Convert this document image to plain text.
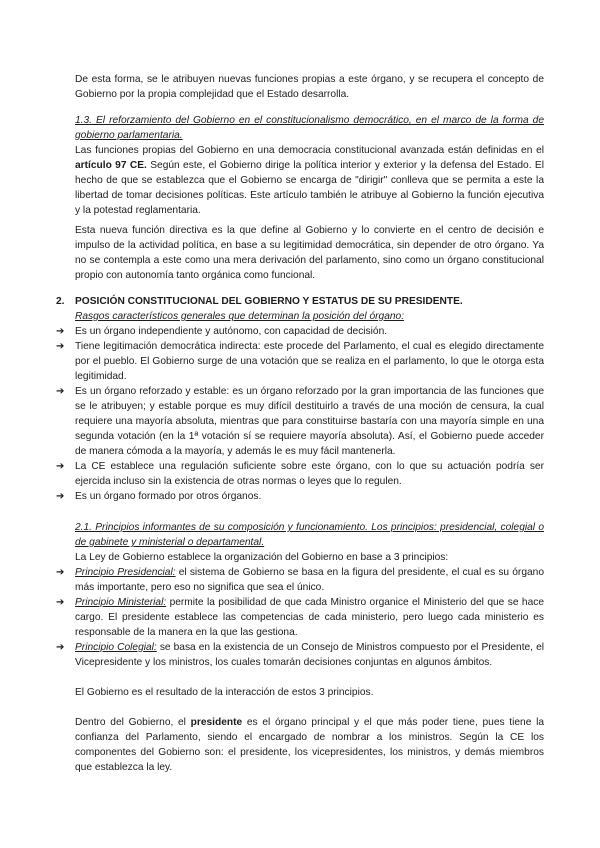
De esta forma, se le atribuyen nuevas funciones propias a este órgano, y se recupera el concepto de Gobierno por la propia complejidad que el Estado desarrolla.

1.3. El reforzamiento del Gobierno en el constitucionalismo democrático, en el marco de la forma de gobierno parlamentaria.

Las funciones propias del Gobierno en una democracia constitucional avanzada están definidas en el artículo 97 CE. Según este, el Gobierno dirige la política interior y exterior y la defensa del Estado. El hecho de que se establezca que el Gobierno se encarga de "dirigir" conlleva que se permita a este la libertad de tomar decisiones políticas. Este artículo también le atribuye al Gobierno la función ejecutiva y la potestad reglamentaria.

Esta nueva función directiva es la que define al Gobierno y lo convierte en el centro de decisión e impulso de la actividad política, en base a su legitimidad democrática, sin depender de otro órgano. Ya no se contempla a este como una mera derivación del parlamento, sino como un órgano constitucional propio con autonomía tanto orgánica como funcional.

2. POSICIÓN CONSTITUCIONAL DEL GOBIERNO Y ESTATUS DE SU PRESIDENTE.
Rasgos característicos generales que determinan la posición del órgano:
➔	Es un órgano independiente y autónomo, con capacidad de decisión.
➔	Tiene legitimación democrática indirecta: este procede del Parlamento, el cual es elegido directamente por el pueblo. El Gobierno surge de una votación que se realiza en el parlamento, lo que le otorga esta legitimidad.
➔	Es un órgano reforzado y estable: es un órgano reforzado por la gran importancia de las funciones que se le atribuyen; y estable porque es muy difícil destituirlo a través de una moción de censura, la cual requiere una mayoría absoluta, mientras que para constituirse bastaría con una mayoría simple en una segunda votación (en la 1ª votación sí se requiere mayoría absoluta). Así, el Gobierno puede acceder de manera cómoda a la mayoría, y además le es muy fácil mantenerla.
➔	La CE establece una regulación suficiente sobre este órgano, con lo que su actuación podría ser ejercida incluso sin la existencia de otras normas o leyes que lo regulen.
➔	Es un órgano formado por otros órganos.

2.1. Principios informantes de su composición y funcionamiento. Los principios: presidencial, colegial o de gabinete y ministerial o departamental.

La Ley de Gobierno establece la organización del Gobierno en base a 3 principios:

➔	Principio Presidencial: el sistema de Gobierno se basa en la figura del presidente, el cual es su órgano más importante, pero eso no significa que sea el único.
➔	Principio Ministerial: permite la posibilidad de que cada Ministro organice el Ministerio del que se hace cargo. El presidente establece las competencias de cada ministerio, pero luego cada ministerio es responsable de la manera en la que las gestiona.
➔	Principio Colegial: se basa en la existencia de un Consejo de Ministros compuesto por el Presidente, el Vicepresidente y los ministros, los cuales tomarán decisiones conjuntas en algunos ámbitos.

El Gobierno es el resultado de la interacción de estos 3 principios.

Dentro del Gobierno, el presidente es el órgano principal y el que más poder tiene, pues tiene la confianza del Parlamento, siendo el encargado de nombrar a los ministros. Según la CE los componentes del Gobierno son: el presidente, los vicepresidentes, los ministros, y demás miembros que establezca la ley.
